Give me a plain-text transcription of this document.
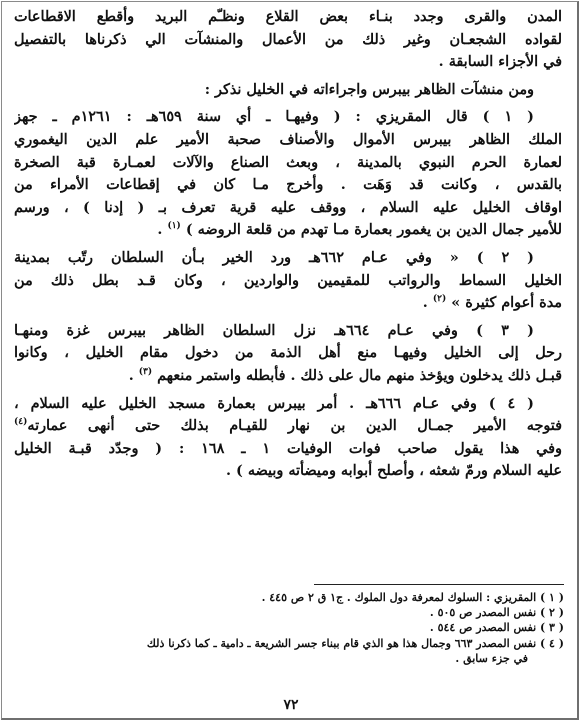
المدن والقرى وجدد بنـاء بعض القلاع ونظـّم البريد وأقطع الاقطاعات
لقواده الشجعـان وغير ذلك من الأعمال والمنشآت الي ذكرناها بالتفصيل
في الأجزاء السابقة .
ومن منشآت الظاهر بيبرس واجراءاته في الخليل نذكر :
( ١ ) قال المقريزي : ( وفيهـا ـ أي سنة ٦٥٩هـ : ١٢٦١م ـ جهز
الملك الظاهر بيبرس الأموال والأصناف صحبة الأمير علم الدين اليغموري
لعمارة الحرم النبوي بالمدينة ، وبعث الصناع والآلات لعمـارة قبة الصخرة
بالقدس ، وكانت قد وَهَت . وأخرج مـا كان في إقطاعات الأمراء من
اوقاف الخليل عليه السلام ، ووقف عليه قرية تعرف بـ ( إدنا ) ، ورسم
للأمير جمال الدين بن يغمور بعمارة مـا تهدم من قلعة الروضه ) $^{(١)}$ .
( ٢ ) « وفي عـام ٦٦٢هـ ورد الخير بـأن السلطان رتّب بمدينة
الخليل السماط والرواتب للمقيمين والواردين ، وكان قـد بطل ذلك من
مدة أعوام كثيرة » $^{(٢)}$ .
( ٣ ) وفي عـام ٦٦٤هـ نزل السلطان الظاهر بيبرس غزة ومنهـا
رحل إلى الخليل وفيهـا منع أهل الذمة من دخول مقام الخليل ، وكانوا
قبـل ذلك يدخلون ويؤخذ منهم مال على ذلك . فأبطله واستمر منعهم $^{(٣)}$ .
( ٤ ) وفي عـام ٦٦٦هـ . أمر بيبرس بعمارة مسجد الخليل عليه السلام ،
فتوجه الأمير جمـال الدين بن نهار للقيـام بذلك حتى أنهى عمارته$^{(٤)}$
وفي هذا يقول صاحب فوات الوفيات ١ ـ ١٦٨ : ( وجدّد قبـة الخليل
عليه السلام ورمّ شعثه ، وأصلح أبوابه وميضأته وبيضه ) .
( ١ ) المقريزي : السلوك لمعرفة دول الملوك . ج١ ق ٢ ص ٤٤٥ .
( ٢ ) نفس المصدر ص ٥٠٥ .
( ٣ ) نفس المصدر ص ٥٤٤ .
( ٤ ) نفس المصدر ٦٦٣ وجمال هذا هو الذي قام ببناء جسر الشريعة ـ دامية ـ كما ذكرنا ذلك
في جزء سابق .
٧٢
